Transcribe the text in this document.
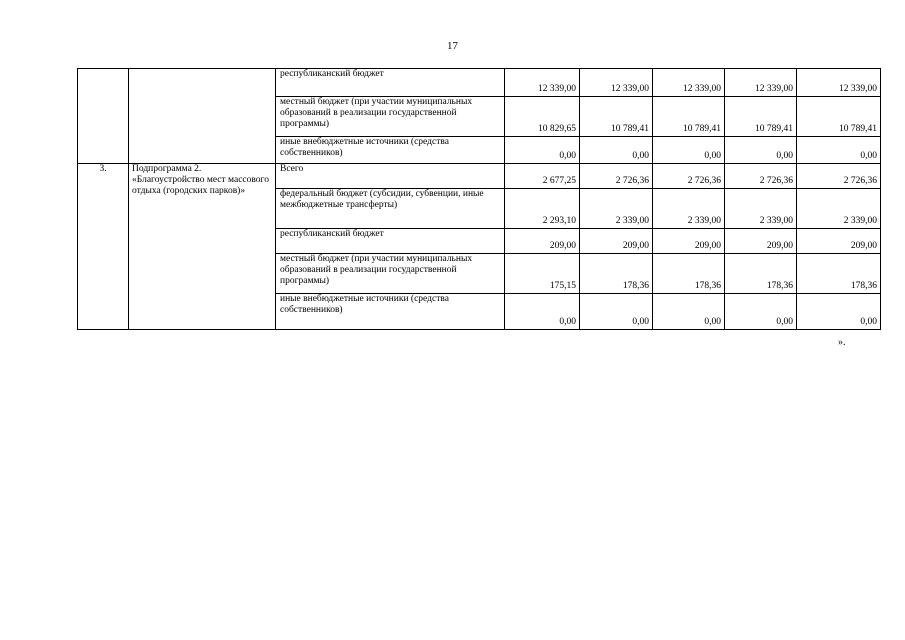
17
		республиканский бюджет	12 339,00	12 339,00	12 339,00	12 339,00	12 339,00
		местный бюджет (при участии муниципальных образований в реализации государственной программы)	10 829,65	10 789,41	10 789,41	10 789,41	10 789,41
		иные внебюджетные источники (средства собственников)	0,00	0,00	0,00	0,00	0,00
3.	Подпрограмма 2. «Благоустройство мест массового отдыха (городских парков)»	Всего	2 677,25	2 726,36	2 726,36	2 726,36	2 726,36
		федеральный бюджет (субсидии, субвенции, иные межбюджетные трансферты)	2 293,10	2 339,00	2 339,00	2 339,00	2 339,00
		республиканский бюджет	209,00	209,00	209,00	209,00	209,00
		местный бюджет (при участии муниципальных образований в реализации государственной программы)	175,15	178,36	178,36	178,36	178,36
		иные внебюджетные источники (средства собственников)	0,00	0,00	0,00	0,00	0,00
».
